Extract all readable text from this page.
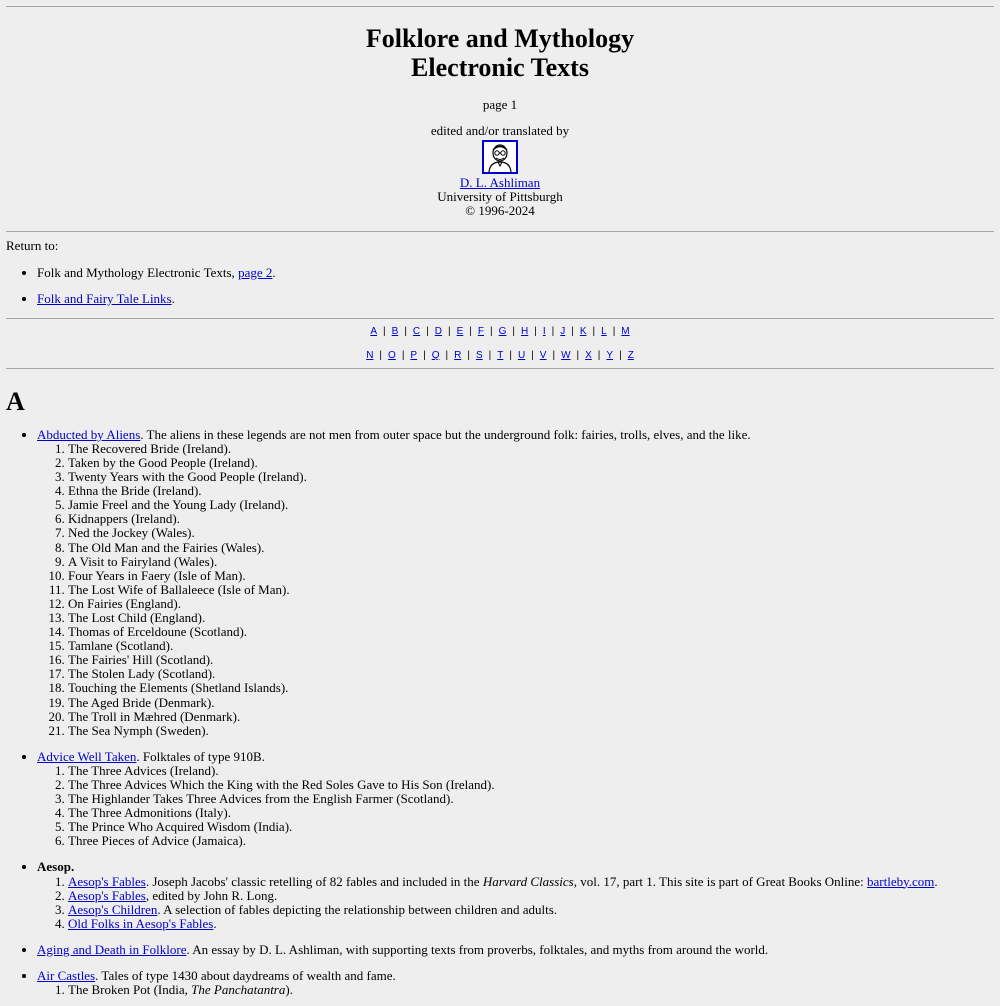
Folklore and Mythology
Electronic Texts

page 1

edited and/or translated by

D. L. Ashliman

University of Pittsburgh

© 1996-2024

Return to:

• Folk and Mythology Electronic Texts, page 2.
• Folk and Fairy Tale Links.
A | B | C | D | E | F | G | H | I | J | K | L | M
N | O | P | Q | R | S | T | U | V | W | X | Y | Z
A
• Abducted by Aliens. The aliens in these legends are not men from outer space but the underground folk: fairies, trolls, elves, and the like.
1. The Recovered Bride (Ireland).
2. Taken by the Good People (Ireland).
3. Twenty Years with the Good People (Ireland).
4. Ethna the Bride (Ireland).
5. Jamie Freel and the Young Lady (Ireland).
6. Kidnappers (Ireland).
7. Ned the Jockey (Wales).
8. The Old Man and the Fairies (Wales).
9. A Visit to Fairyland (Wales).
10. Four Years in Faery (Isle of Man).
11. The Lost Wife of Ballaleece (Isle of Man).
12. On Fairies (England).
13. The Lost Child (England).
14. Thomas of Erceldoune (Scotland).
15. Tamlane (Scotland).
16. The Fairies' Hill (Scotland).
17. The Stolen Lady (Scotland).
18. Touching the Elements (Shetland Islands).
19. The Aged Bride (Denmark).
20. The Troll in Mæhred (Denmark).
21. The Sea Nymph (Sweden).
• Advice Well Taken. Folktales of type 910B.
1. The Three Advices (Ireland).
2. The Three Advices Which the King with the Red Soles Gave to His Son (Ireland).
3. The Highlander Takes Three Advices from the English Farmer (Scotland).
4. The Three Admonitions (Italy).
5. The Prince Who Acquired Wisdom (India).
6. Three Pieces of Advice (Jamaica).
• Aesop.
1. Aesop's Fables. Joseph Jacobs' classic retelling of 82 fables and included in the Harvard Classics, vol. 17, part 1. This site is part of Great Books Online: bartleby.com.
2. Aesop's Fables, edited by John R. Long.
3. Aesop's Children. A selection of fables depicting the relationship between children and adults.
4. Old Folks in Aesop's Fables.
• Aging and Death in Folklore. An essay by D. L. Ashliman, with supporting texts from proverbs, folktales, and myths from around the world.
• Air Castles. Tales of type 1430 about daydreams of wealth and fame.
1. The Broken Pot (India, The Panchatantra).
